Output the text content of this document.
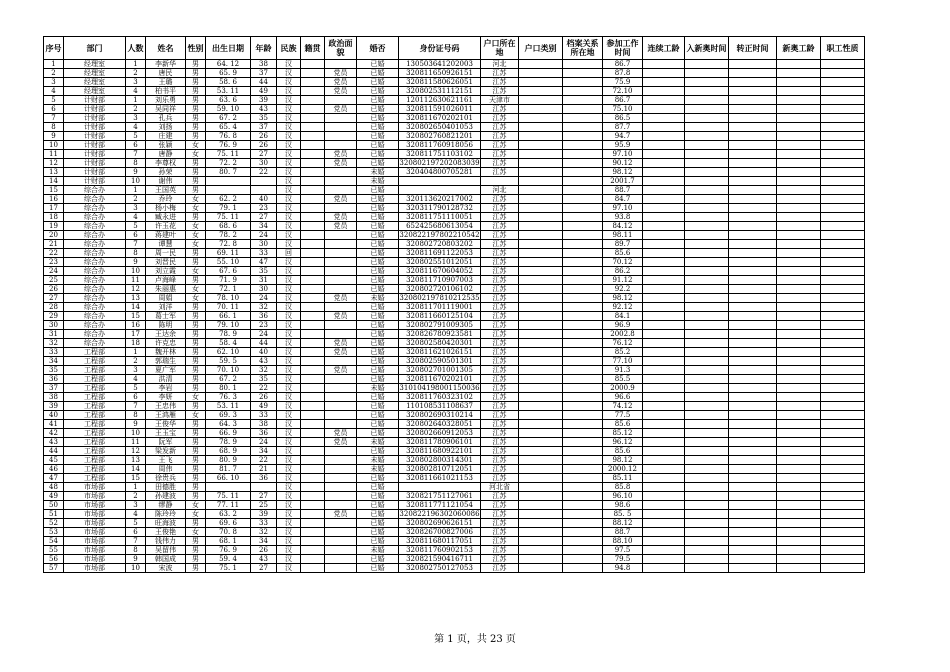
序号	部门	人数	姓名	性别	出生日期	年龄	民族	籍贯	政治面貌	婚否	身份证号码	户口所在地	户口类别	档案关系所在地	参加工作时间	连续工龄	入新奥时间	转正时间	新奥工龄	职工性质
1	经理室	1	李新华	男	64. 12	38	汉			已婚	130503641202003	河北			86.7					
2	经理室	2	唐民	男	65. 9	37	汉		党员	已婚	320811650926151	江苏			87.8					
3	经理室	3	王璐	男	58. 6	44	汉		党员	已婚	320811580626051	江苏			75.9					
4	经理室	4	柏书平	男	53. 11	49	汉		党员	已婚	320802531112151	江苏			72.10					
5	计财部	1	刘乐勇	男	63. 6	39	汉			已婚	120112630621161	天津市			86.7					
6	计财部	2	吴同祥	男	59. 10	43	汉		党员	已婚	320811591026011	江苏			75.10					
7	计财部	3	孔兵	男	67. 2	35	汉			已婚	320811670202101	江苏			86.5					
8	计财部	4	刘扬	男	65. 4	37	汉			已婚	320802650401053	江苏			87.7					
9	计财部	5	庄建	男	76. 8	26	汉			已婚	320802760821201	江苏			94.7					
10	计财部	6	张颖	女	76. 9	26	汉			已婚	320811760918056	江苏			95.9					
11	计财部	7	唐静	女	75. 11	27	汉		党员	已婚	320811751103102	江苏			97.10					
12	计财部	8	李尊权	男	72. 2	30	汉		党员	已婚	320802197202083039	江苏			90.12					
13	计财部	9	孙荣	男	80. 7	22	汉			未婚	320404800705281	江苏			98.12					
14	计财部	10	谢伟	男			汉			未婚					2001.7					
15	综合办	1	王国英	男			汉			已婚		河北			88.7					
16	综合办	2	乔玲	女	62. 2	40	汉		党员	已婚	320113620217002	江苏			84.7					
17	综合办	3	杨小梅	女	79. 1	23	汉			已婚	320311790128732	江苏			97.10					
18	综合办	4	臧永进	男	75. 11	27	汉		党员	已婚	320811751110051	江苏			93.8					
19	综合办	5	许玉花	女	68. 6	34	汉		党员	已婚	652425680613054	江苏			84.12					
20	综合办	6	蒋建叶	女	78. 2	24	汉			已婚	320822197802210542	江苏			98.11					
21	综合办	7	谭慧	女	72. 8	30	汉			已婚	320802720803202	江苏			89.7					
22	综合办	8	周一民	男	69. 11	33	回			已婚	320811691122053	江苏			85.6					
23	综合办	9	刘晋民	男	55. 10	47	汉			已婚	320802551012051	江苏			70.12					
24	综合办	10	刘立霞	女	67. 6	35	汉			已婚	320811670604052	江苏			86.2					
25	综合办	11	卢海峰	男	71. 9	31	汉			已婚	320811710907003	江苏			91.12					
26	综合办	12	朱丽惠	女	72. 1	30	汉			已婚	320802720106102	江苏			92.2					
27	综合办	13	周娟	女	78. 10	24	汉		党员	未婚	320802197810212535	江苏			98.12					
28	综合办	14	刘洋	男	70. 11	32	汉			已婚	320811701119001	江苏			92.12					
29	综合办	15	葛士军	男	66. 1	36	汉		党员	已婚	320811660125104	江苏			84.1					
30	综合办	16	陈明	男	79. 10	23	汉			已婚	320802791009305	江苏			96.9					
31	综合办	17	王达余	男	78. 9	24	汉			已婚	320826780923581	江苏			2002.8					
32	综合办	18	许克忠	男	58. 4	44	汉		党员	已婚	320802580420301	江苏			76.12					
33	工程部	1	魏开林	男	62. 10	40	汉		党员	已婚	320811621026151	江苏			85.2					
34	工程部	2	郭瑞生	男	59. 5	43	汉			已婚	320802590501301	江苏			77.10					
35	工程部	3	夏广军	男	70. 10	32	汉		党员	已婚	320802701001305	江苏			91.3					
36	工程部	4	洪清	男	67. 2	35	汉			已婚	320811670202101	江苏			85.5					
37	工程部	5	李岩	男	80. 1	22	汉			未婚	310104198001150036	江苏			2000.9					
38	工程部	6	李妍	女	76. 3	26	汉			已婚	320811760323102	江苏			96.6					
39	工程部	7	王忠伟	男	53. 11	49	汉			已婚	110108531108637	江苏			74.12					
40	工程部	8	王鸿雁	女	69. 3	33	汉			已婚	320802690310214	江苏			77.5					
41	工程部	9	王俊华	男	64. 3	38	汉			已婚	320802640328051	江苏			85.6					
42	工程部	10	王玉宝	男	66. 9	36	汉		党员	已婚	320802660912053	江苏			85.12					
43	工程部	11	阮军	男	78. 9	24	汉		党员	未婚	320811780906101	江苏			96.12					
44	工程部	12	梁发新	男	68. 9	34	汉			已婚	320811680922101	江苏			85.6					
45	工程部	13	王飞	男	80. 9	22	汉			未婚	320802800314301	江苏			98.12					
46	工程部	14	周伟	男	81. 7	21	汉			未婚	320802810712051	江苏			2000.12					
47	工程部	15	徐贵兵	男	66. 10	36	汉			已婚	320811661021153	江苏			85.11					
48	市场部	1	田德胜	男			汉			已婚		河北省			85.8					
49	市场部	2	孙建波	男	75. 11	27	汉			已婚	320821751127061	江苏			96.10					
50	市场部	3	缪静	女	77. 11	25	汉			已婚	320811771121054	江苏			98.6					
51	市场部	4	陈玲玲	女	63. 2	39	汉		党员	已婚	320822196302060086	江苏			85. 5					
52	市场部	5	旺海波	男	69. 6	33	汉			已婚	320802690626151	江苏			88.12					
53	市场部	6	王俊艳	女	70. 8	32	汉			已婚	320826700827006	江苏			88.7					
54	市场部	7	钱伟力	男	68. 1	34	汉			已婚	320811680117051	江苏			88.10					
55	市场部	8	吴留伟	男	76. 9	26	汉			未婚	320811760902153	江苏			97.5					
56	市场部	9	韩国成	男	59. 4	43	汉			已婚	320821590416711	江苏			79.5					
57	市场部	10	宋波	男	75. 1	27	汉			已婚	320802750127053	江苏			94.8					
第 1 页，共 23 页
